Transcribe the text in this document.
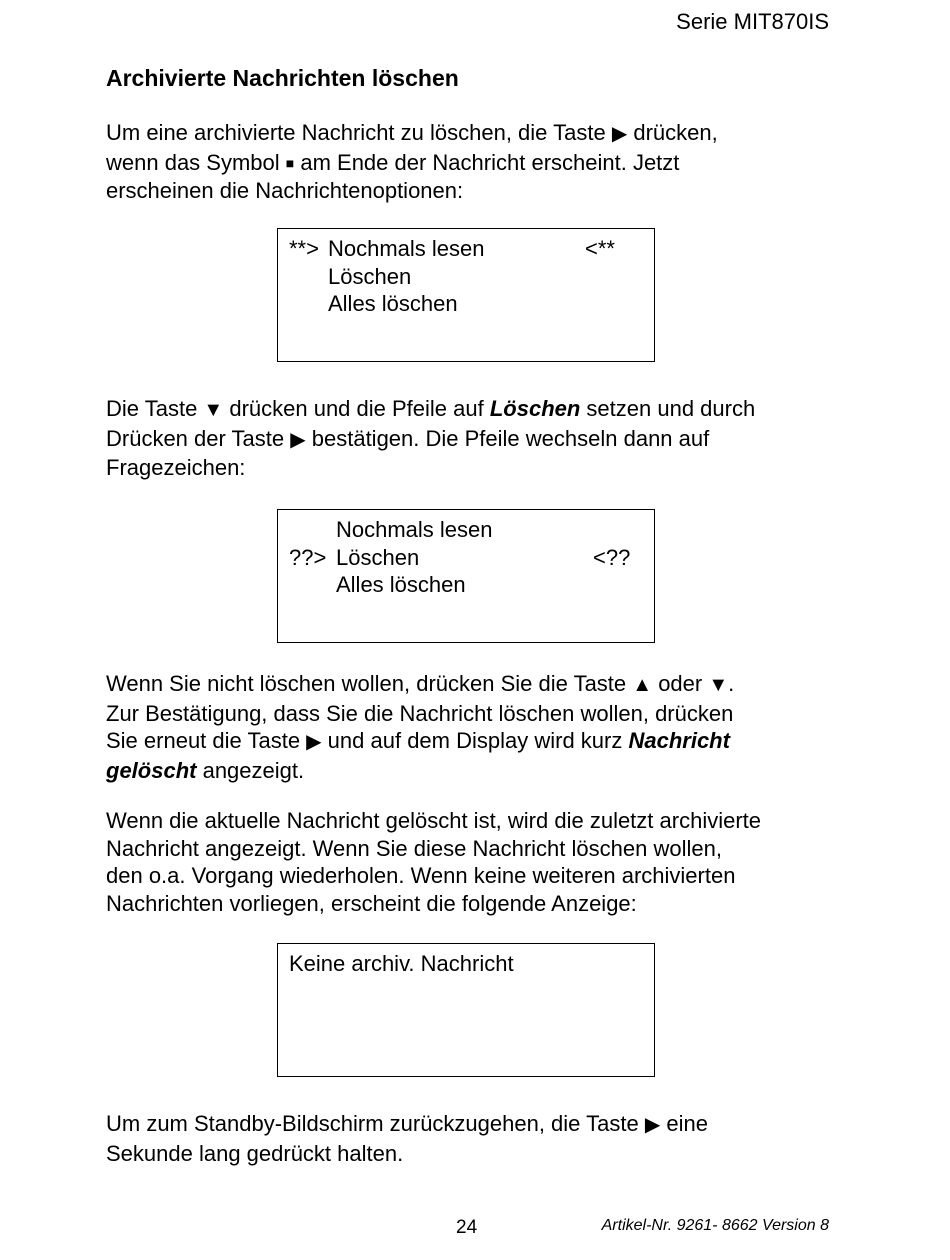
Serie MIT870IS
Archivierte Nachrichten löschen

Um eine archivierte Nachricht zu löschen, die Taste ▶ drücken,
wenn das Symbol ■ am Ende der Nachricht erscheint. Jetzt
erscheinen die Nachrichtenoptionen:

**> Nochmals lesen	<**
Löschen
Alles löschen

Die Taste ▼ drücken und die Pfeile auf Löschen setzen und durch
Drücken der Taste ▶ bestätigen. Die Pfeile wechseln dann auf
Fragezeichen:

Nochmals lesen
??> Löschen	<??
Alles löschen

Wenn Sie nicht löschen wollen, drücken Sie die Taste ▲ oder ▼.
Zur Bestätigung, dass Sie die Nachricht löschen wollen, drücken
Sie erneut die Taste ▶ und auf dem Display wird kurz Nachricht
gelöscht angezeigt.

Wenn die aktuelle Nachricht gelöscht ist, wird die zuletzt archivierte
Nachricht angezeigt. Wenn Sie diese Nachricht löschen wollen,
den o.a. Vorgang wiederholen. Wenn keine weiteren archivierten
Nachrichten vorliegen, erscheint die folgende Anzeige:

Keine archiv. Nachricht

Um zum Standby-Bildschirm zurückzugehen, die Taste ▶ eine
Sekunde lang gedrückt halten.

24	Artikel-Nr. 9261- 8662 Version 8
